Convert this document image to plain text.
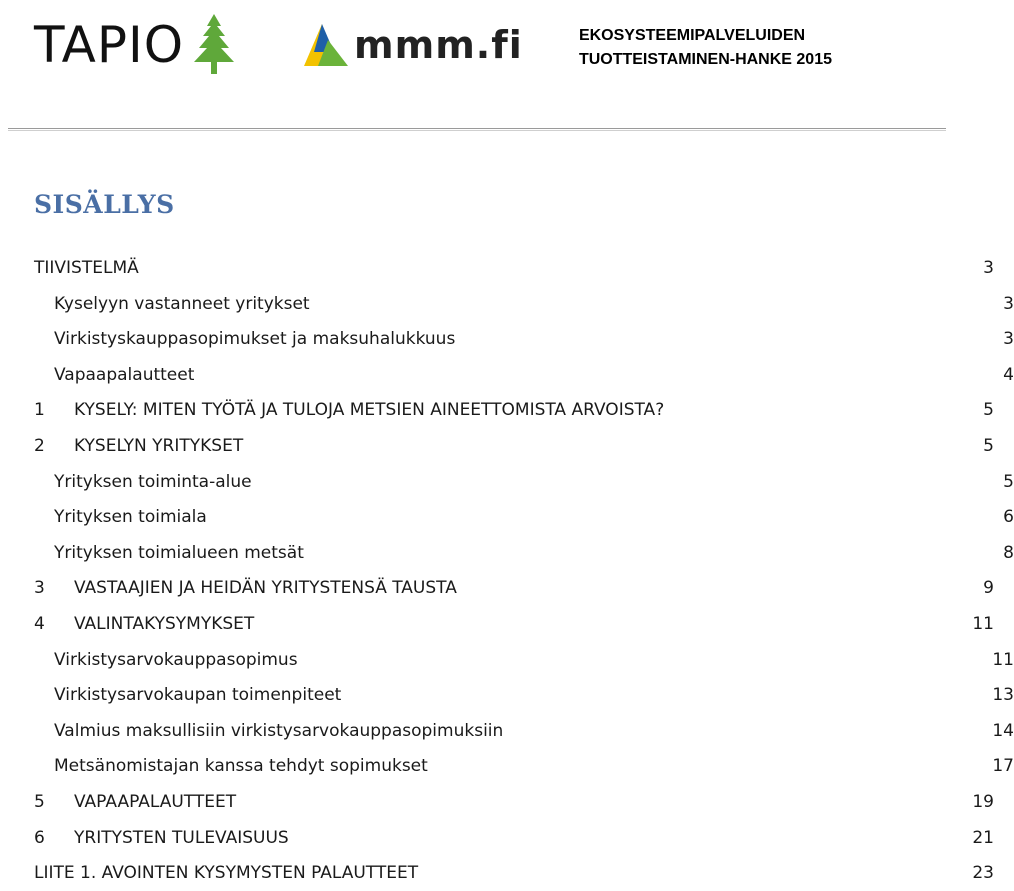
TAPIO	mmm.fi	EKOSYSTEEMIPALVELUIDEN
TUOTTEISTAMINEN-HANKE 2015
SISÄLLYS
TIIVISTELMÄ	3
Kyselyyn vastanneet yritykset	3
Virkistyskauppasopimukset ja maksuhalukkuus	3
Vapaapalautteet	4
1	KYSELY: MITEN TYÖTÄ JA TULOJA METSIEN AINEETTOMISTA ARVOISTA?	5
2	KYSELYN YRITYKSET	5
Yrityksen toiminta-alue	5
Yrityksen toimiala	6
Yrityksen toimialueen metsät	8
3	VASTAAJIEN JA HEIDÄN YRITYSTENSÄ TAUSTA	9
4	VALINTAKYSYMYKSET	11
Virkistysarvokauppasopimus	11
Virkistysarvokaupan toimenpiteet	13
Valmius maksullisiin virkistysarvokauppasopimuksiin	14
Metsänomistajan kanssa tehdyt sopimukset	17
5	VAPAAPALAUTTEET	19
6	YRITYSTEN TULEVAISUUS	21
LIITE 1. AVOINTEN KYSYMYSTEN PALAUTTEET	23
